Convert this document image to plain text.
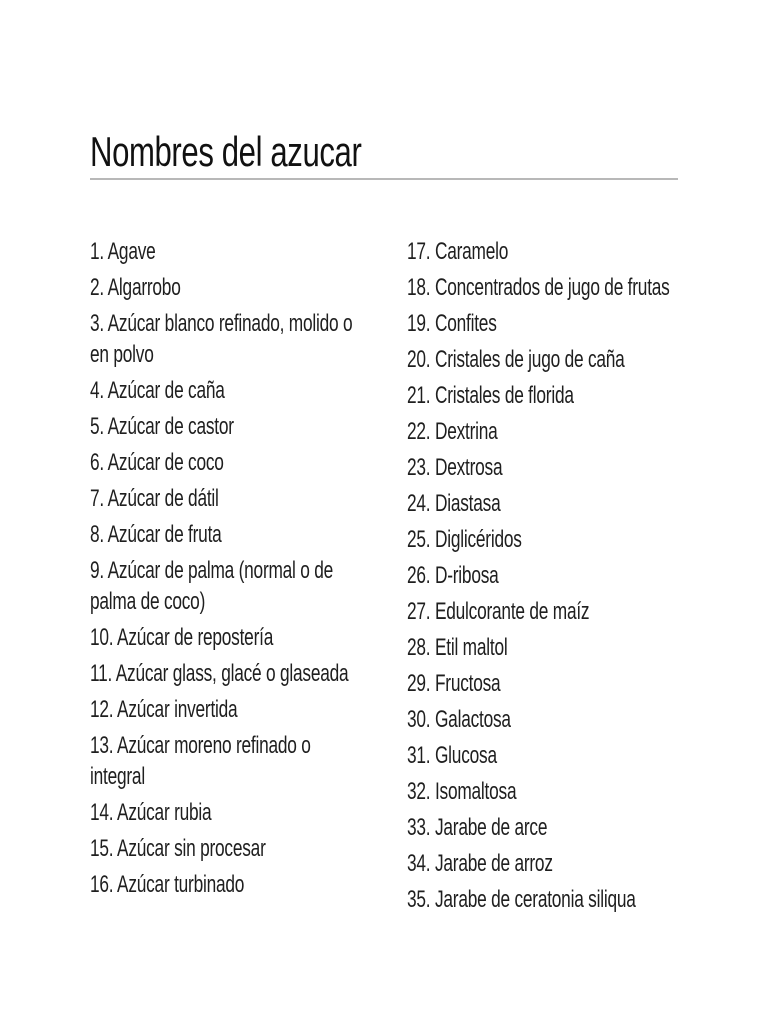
Nombres del azucar
1. Agave
2. Algarrobo
3. Azúcar blanco refinado, molido o en polvo
4. Azúcar de caña
5. Azúcar de castor
6. Azúcar de coco
7. Azúcar de dátil
8. Azúcar de fruta
9. Azúcar de palma (normal o de palma de coco)
10. Azúcar de repostería
11. Azúcar glass, glacé o glaseada
12. Azúcar invertida
13. Azúcar moreno refinado o integral
14. Azúcar rubia
15. Azúcar sin procesar
16. Azúcar turbinado
17. Caramelo
18. Concentrados de jugo de frutas
19. Confites
20. Cristales de jugo de caña
21. Cristales de florida
22. Dextrina
23. Dextrosa
24. Diastasa
25. Diglicéridos
26. D-ribosa
27. Edulcorante de maíz
28. Etil maltol
29. Fructosa
30. Galactosa
31. Glucosa
32. Isomaltosa
33. Jarabe de arce
34. Jarabe de arroz
35. Jarabe de ceratonia siliqua
